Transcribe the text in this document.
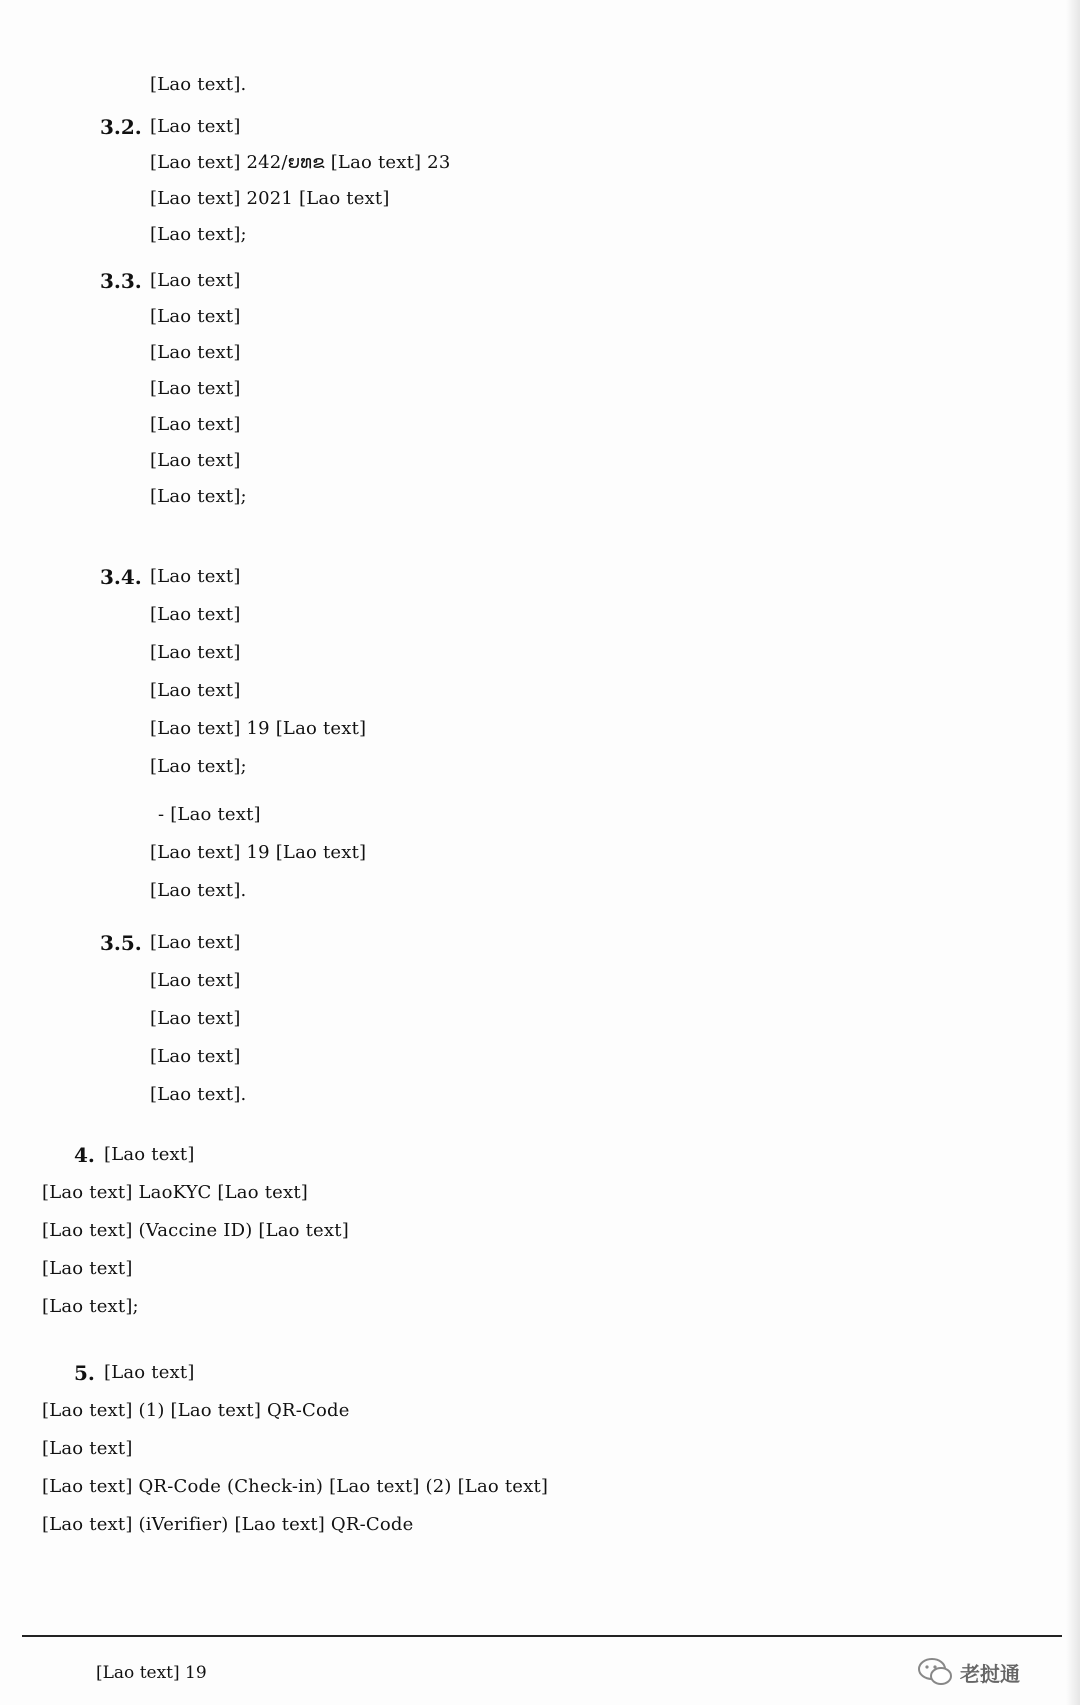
[Lao text].
3.2. [Lao text]
[Lao text] 242/ຍທຂ [Lao text] 23
[Lao text] 2021 [Lao text]
[Lao text];
3.3. [Lao text]
[Lao text]
[Lao text]
[Lao text]
[Lao text]
[Lao text]
[Lao text];
3.4. [Lao text]
[Lao text]
[Lao text]
[Lao text]
[Lao text] 19 [Lao text]
[Lao text];
- [Lao text]
[Lao text] 19 [Lao text]
[Lao text].
3.5. [Lao text]
[Lao text]
[Lao text]
[Lao text]
[Lao text].
4. [Lao text]
[Lao text] LaoKYC [Lao text]
[Lao text] (Vaccine ID) [Lao text]
[Lao text]
[Lao text];
5. [Lao text]
[Lao text] (1) [Lao text] QR-Code
[Lao text]
[Lao text] QR-Code (Check-in) [Lao text] (2) [Lao text]
[Lao text] (iVerifier) [Lao text] QR-Code
[Lao text] 19	老挝通
